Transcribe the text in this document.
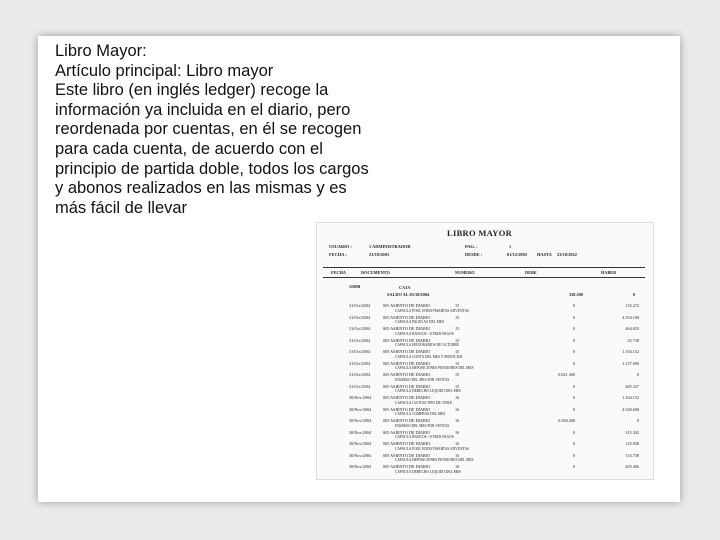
Libro Mayor:
Artículo principal: Libro mayor
Este libro (en inglés ledger) recoge la
información ya incluida en el diario, pero
reordenada por cuentas, en él se recogen
para cada cuenta, de acuerdo con el
principio de partida doble, todos los cargos
y abonos realizados en las mismas y es
más fácil de llevar
LIBRO MAYOR
USUARIO :	1 ADMINISTRADOR
FECHA :	23/10/2003
PAG. :	1
DESDE :	01/12/2003 HASTA 23/10/2022
FECHA	DOCUMENTO	NUMERO	DEBE	HABER
1100B	CAJA
SALDO AL 03/10/2004	330.300	0
31/Oct/2004	005 ASIENTO DE DIARIO	15	0	135.272
CAPSULA POOL ENDOVMARTAS ADVENTAS
31/Oct/2004	005 ASIENTO DE DIARIO	15	0	4.554.100
CAPSULA PAGIN AS DEL MES
31/Oct/2004	005 ASIENTO DE DIARIO	15	0	464.653
CAPSULA BANCOS - OTROS PAGOS
31/Oct/2004	005 ASIENTO DE DIARIO	15	0	25.738
CAPSULA HONORARIOS DE OCTUBRE
31/Oct/2004	005 ASIENTO DE DIARIO	15	0	1.104.152
CAPSULA CONTA DEL MES Y SERVICIOS
31/Oct/2004	005 ASIENTO DE DIARIO	15	0	1.157.690
CAPSULA IMPOSICIONES PENSIONES DEL MES
31/Oct/2004	005 ASIENTO DE DIARIO	15	6.821.360	0
INGRESO DEL MES POR VENTAS
31/Oct/2004	005 ASIENTO DE DIARIO	15	0	485.327
CAPSULA DERECHO LIQUIDO DEL MES
30/Nov/2004	005 ASIENTO DE DIARIO	16	0	1.104.152
CAPSULA CUOTAS TIPO DE CHILE
30/Nov/2004	005 ASIENTO DE DIARIO	16	0	4.540.600
CAPSULA COMPRAS DEL MES
30/Nov/2004	005 ASIENTO DE DIARIO	16	6.560.200	0
INGRESO DEL MES POR VENTAS
30/Nov/2004	005 ASIENTO DE DIARIO	16	0	315.343
CAPSULA BANCOS - OTROS PAGOS
30/Nov/2004	005 ASIENTO DE DIARIO	16	0	125.038
CAPSULA POOL ENDOVMARTAS ADVENTAS
30/Nov/2004	005 ASIENTO DE DIARIO	16	0	133.738
CAPSULA IMPOSICIONES PENSIONES DEL MES
30/Nov/2004	005 ASIENTO DE DIARIO	16	0	405.406
CAPSULA DERECHO LIQUIDO DEL MES
